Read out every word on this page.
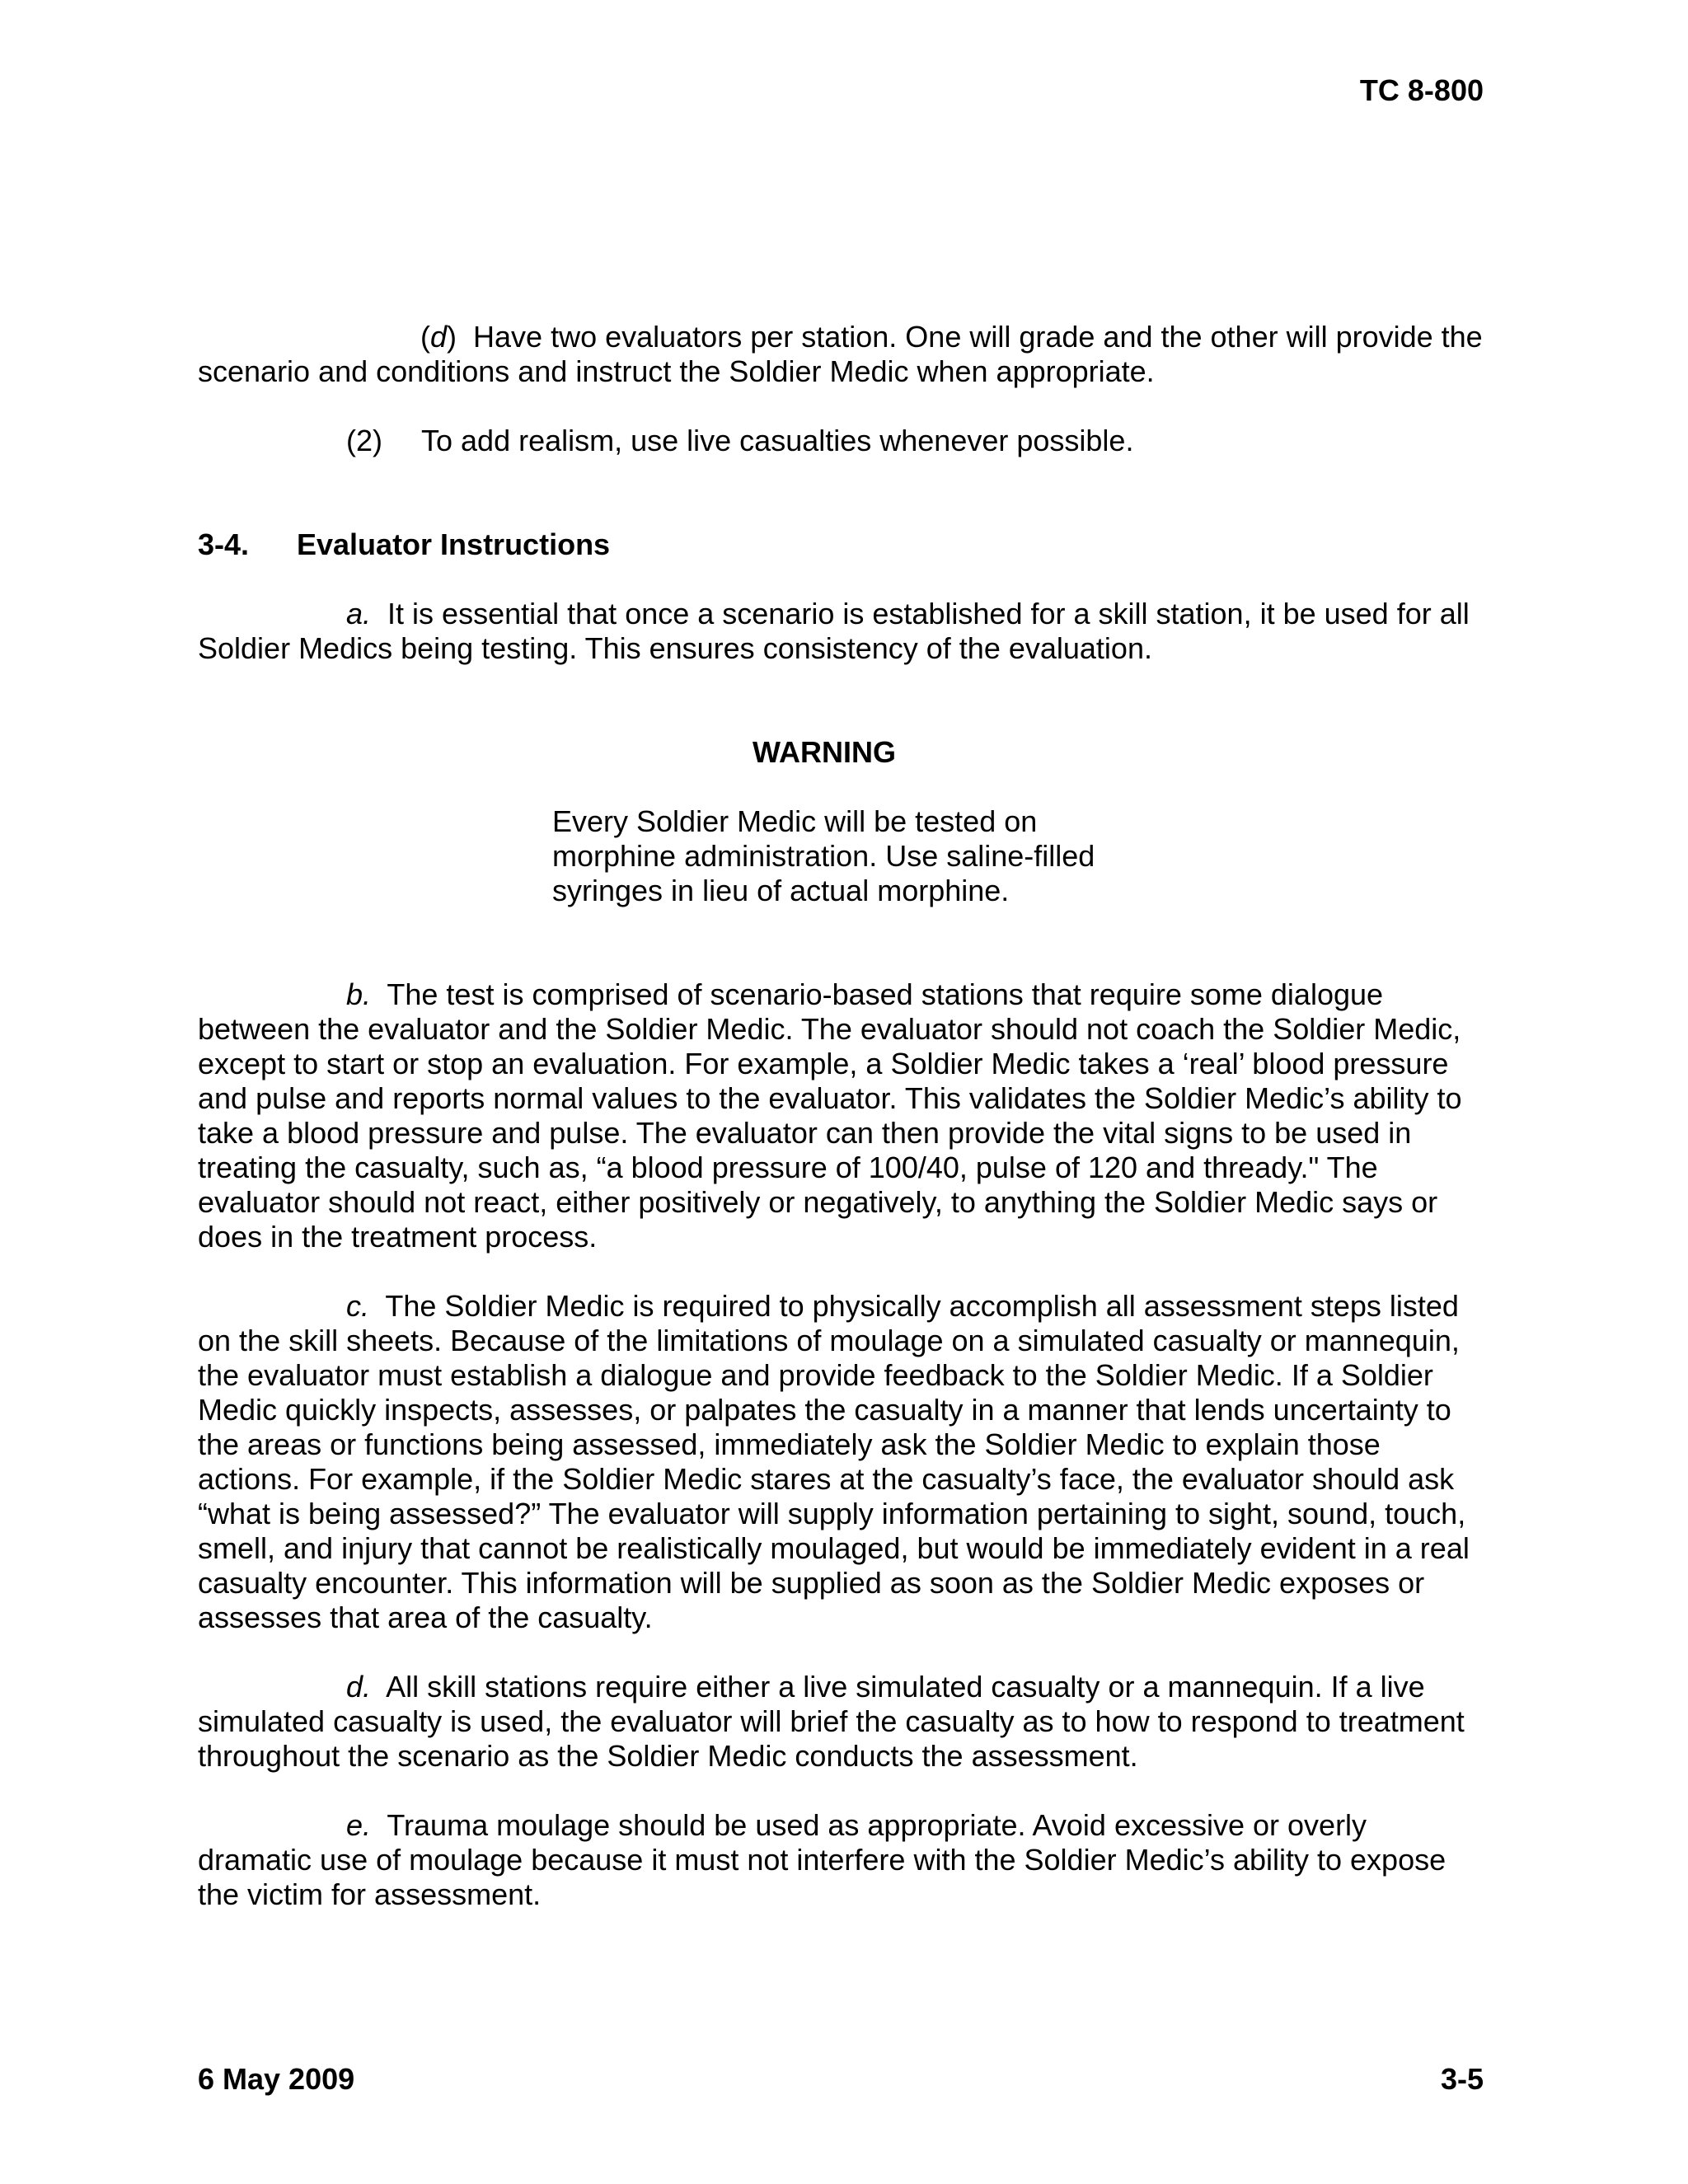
TC 8-800

(d)  Have two evaluators per station. One will grade and the other will provide the scenario and conditions and instruct the Soldier Medic when appropriate.

(2) To add realism, use live casualties whenever possible.

3-4. Evaluator Instructions

a. It is essential that once a scenario is established for a skill station, it be used for all Soldier Medics being testing. This ensures consistency of the evaluation.

WARNING

Every Soldier Medic will be tested on morphine administration. Use saline-filled syringes in lieu of actual morphine.

b. The test is comprised of scenario-based stations that require some dialogue between the evaluator and the Soldier Medic. The evaluator should not coach the Soldier Medic, except to start or stop an evaluation. For example, a Soldier Medic takes a ‘real’ blood pressure and pulse and reports normal values to the evaluator. This validates the Soldier Medic’s ability to take a blood pressure and pulse. The evaluator can then provide the vital signs to be used in treating the casualty, such as, “a blood pressure of 100/40, pulse of 120 and thready." The evaluator should not react, either positively or negatively, to anything the Soldier Medic says or does in the treatment process.

c. The Soldier Medic is required to physically accomplish all assessment steps listed on the skill sheets. Because of the limitations of moulage on a simulated casualty or mannequin, the evaluator must establish a dialogue and provide feedback to the Soldier Medic. If a Soldier Medic quickly inspects, assesses, or palpates the casualty in a manner that lends uncertainty to the areas or functions being assessed, immediately ask the Soldier Medic to explain those actions. For example, if the Soldier Medic stares at the casualty’s face, the evaluator should ask “what is being assessed?” The evaluator will supply information pertaining to sight, sound, touch, smell, and injury that cannot be realistically moulaged, but would be immediately evident in a real casualty encounter. This information will be supplied as soon as the Soldier Medic exposes or assesses that area of the casualty.

d. All skill stations require either a live simulated casualty or a mannequin. If a live simulated casualty is used, the evaluator will brief the casualty as to how to respond to treatment throughout the scenario as the Soldier Medic conducts the assessment.

e. Trauma moulage should be used as appropriate. Avoid excessive or overly dramatic use of moulage because it must not interfere with the Soldier Medic’s ability to expose the victim for assessment.

6 May 2009	3-5
